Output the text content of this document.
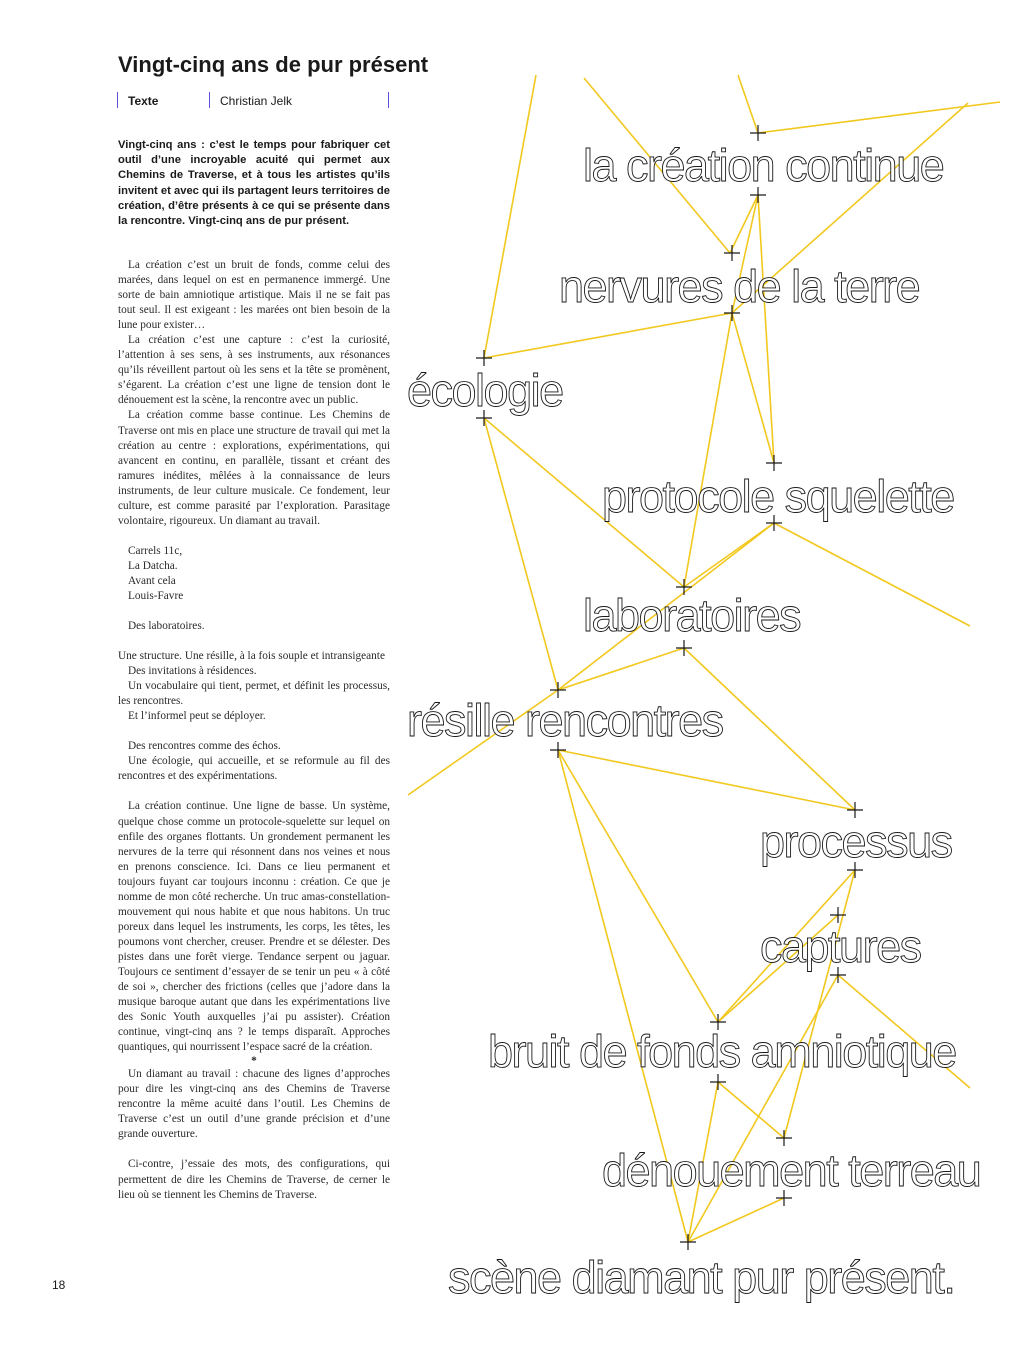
Vingt-cinq ans de pur présent
Texte	Christian Jelk

Vingt-cinq ans : c’est le temps pour fabriquer cet outil d’une incroyable acuité qui permet aux Chemins de Traverse, et à tous les artistes qu’ils invitent et avec qui ils partagent leurs territoires de création, d’être présents à ce qui se présente dans la rencontre. Vingt-cinq ans de pur présent.

La création c’est un bruit de fonds, comme celui des marées, dans lequel on est en permanence immergé. Une sorte de bain amniotique artistique. Mais il ne se fait pas tout seul. Il est exigeant : les marées ont bien besoin de la lune pour exister…

La création c’est une capture : c’est la curiosité, l’attention à ses sens, à ses instruments, aux résonances qu’ils réveillent partout où les sens et la tête se promènent, s’égarent. La création c’est une ligne de tension dont le dénouement est la scène, la rencontre avec un public.

La création comme basse continue. Les Chemins de Traverse ont mis en place une structure de travail qui met la création au centre : explorations, expérimentations, qui avancent en continu, en parallèle, tissant et créant des ramures inédites, mêlées à la connaissance de leurs instruments, de leur culture musicale. Ce fondement, leur culture, est comme parasité par l’exploration. Parasitage volontaire, rigoureux. Un diamant au travail.

Carrels 11c,

La Datcha.

Avant cela

Louis-Favre

Des laboratoires.

Une structure. Une résille, à la fois souple et intransigeante

Des invitations à résidences.

Un vocabulaire qui tient, permet, et définit les processus, les rencontres.

Et l’informel peut se déployer.

Des rencontres comme des échos.

Une écologie, qui accueille, et se reformule au fil des rencontres et des expérimentations.

La création continue. Une ligne de basse. Un système, quelque chose comme un protocole-squelette sur lequel on enfile des organes flottants. Un grondement permanent les nervures de la terre qui résonnent dans nos veines et nous en prenons conscience. Ici. Dans ce lieu permanent et toujours fuyant car toujours inconnu : création. Ce que je nomme de mon côté recherche. Un truc amas-constellation-mouvement qui nous habite et que nous habitons. Un truc poreux dans lequel les instruments, les corps, les têtes, les poumons vont chercher, creuser. Prendre et se délester. Des pistes dans une forêt vierge. Tendance serpent ou jaguar. Toujours ce sentiment d’essayer de se tenir un peu « à côté de soi », chercher des frictions (celles que j’adore dans la musique baroque autant que dans les expérimentations live des Sonic Youth auxquelles j’ai pu assister). Création continue, vingt-cinq ans ? le temps disparaît. Approches quantiques, qui nourrissent l’espace sacré de la création.

*

Un diamant au travail : chacune des lignes d’approches pour dire les vingt-cinq ans des Chemins de Traverse rencontre la même acuité dans l’outil. Les Chemins de Traverse c’est un outil d’une grande précision et d’une grande ouverture.

Ci-contre, j’essaie des mots, des configurations, qui permettent de dire les Chemins de Traverse, de cerner le lieu où se tiennent les Chemins de Traverse.

18
la création continue
nervures de la terre
écologie
protocole squelette
laboratoires
résille rencontres
processus
captures
bruit de fonds amniotique
dénouement terreau
scène diamant pur présent.
